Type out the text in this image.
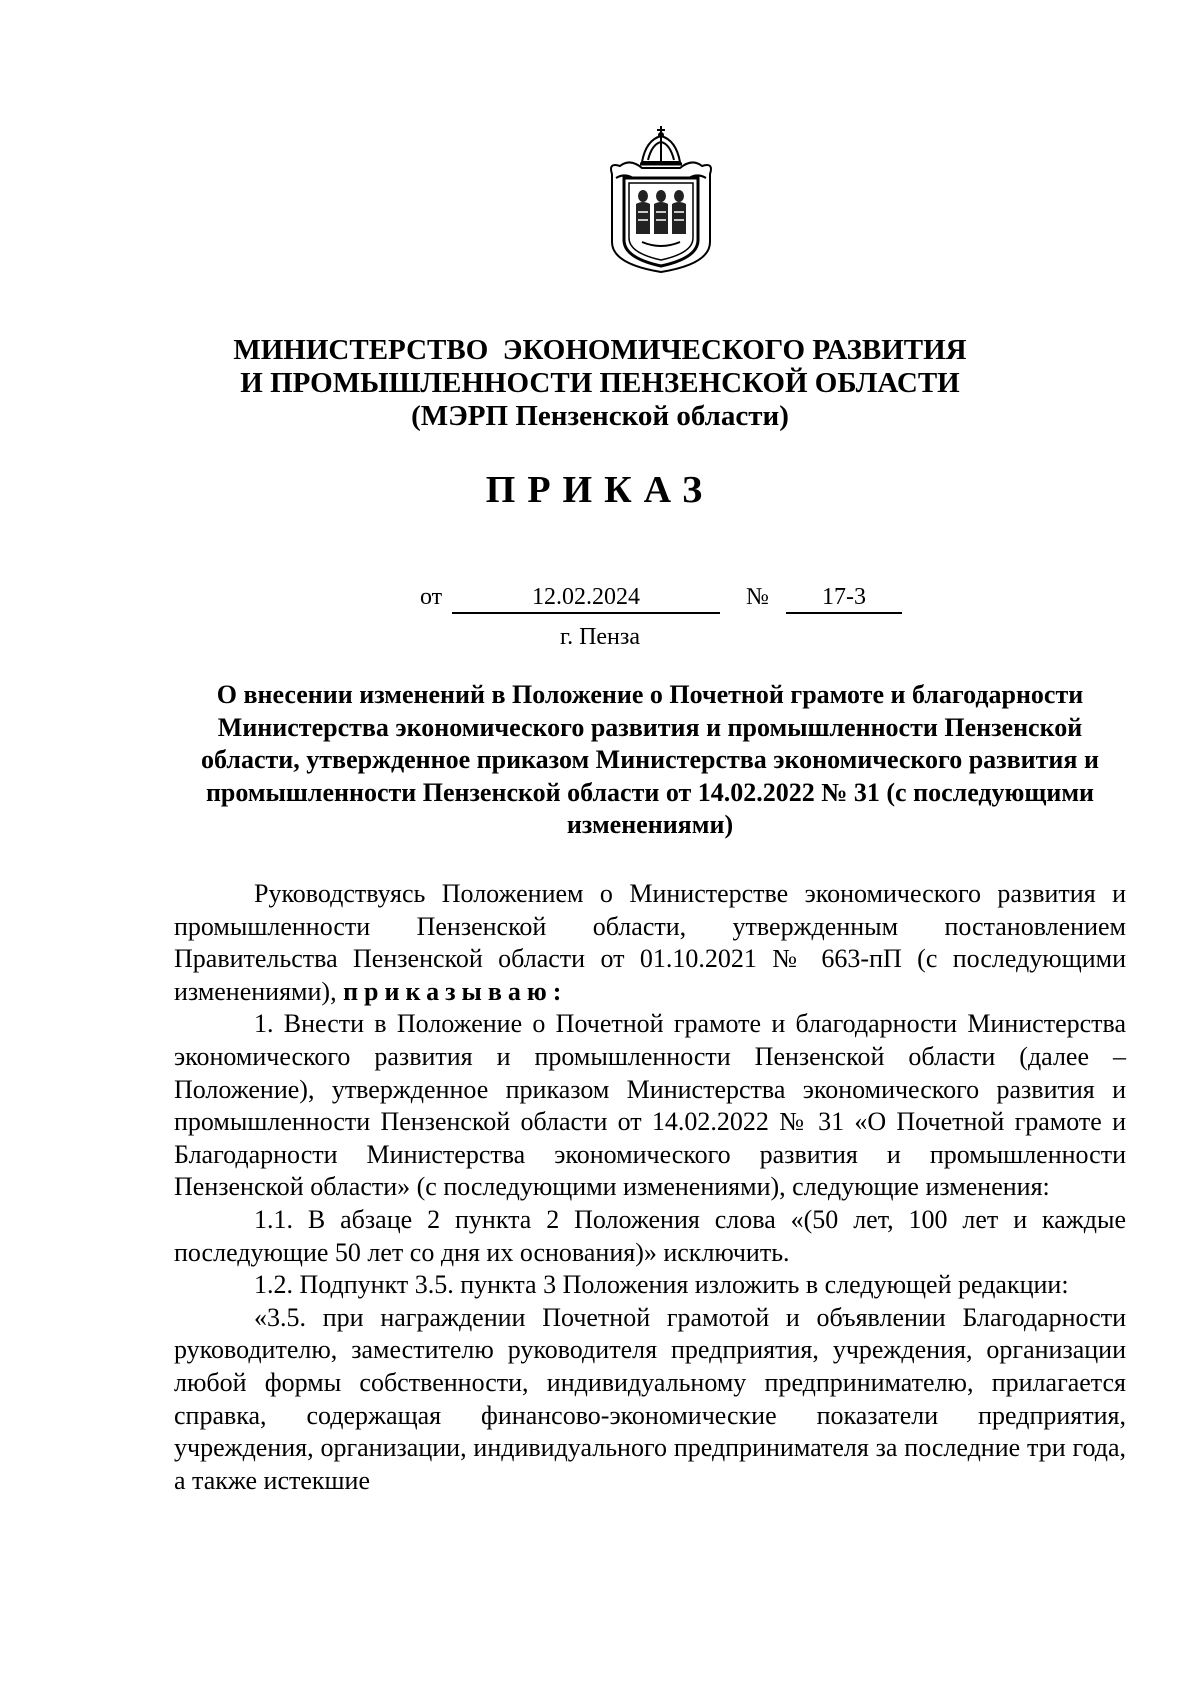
МИНИСТЕРСТВО  ЭКОНОМИЧЕСКОГО РАЗВИТИЯ
И ПРОМЫШЛЕННОСТИ ПЕНЗЕНСКОЙ ОБЛАСТИ
(МЭРП Пензенской области)
ПРИКАЗ
от	12.02.2024	№	17-3
г. Пенза
О внесении изменений в Положение о Почетной грамоте и благодарности Министерства экономического развития и промышленности Пензенской области, утвержденное приказом Министерства экономического развития и промышленности Пензенской области от 14.02.2022 № 31 (с последующими изменениями)

Руководствуясь Положением о Министерстве экономического развития и промышленности Пензенской области, утвержденным постановлением Правительства Пензенской области от 01.10.2021 № 663-пП (с последующими изменениями), приказываю:

1. Внести в Положение о Почетной грамоте и благодарности Министерства экономического развития и промышленности Пензенской области (далее – Положение), утвержденное приказом Министерства экономического развития и промышленности Пензенской области от 14.02.2022 № 31 «О Почетной грамоте и Благодарности Министерства экономического развития и промышленности Пензенской области» (с последующими изменениями), следующие изменения:

1.1. В абзаце 2 пункта 2 Положения слова «(50 лет, 100 лет и каждые последующие 50 лет со дня их основания)» исключить.

1.2. Подпункт 3.5. пункта 3 Положения изложить в следующей редакции:

«3.5. при награждении Почетной грамотой и объявлении Благодарности руководителю, заместителю руководителя предприятия, учреждения, организации любой формы собственности, индивидуальному предпринимателю, прилагается справка, содержащая финансово-экономические показатели предприятия, учреждения, организации, индивидуального предпринимателя за последние три года, а также истекшие
